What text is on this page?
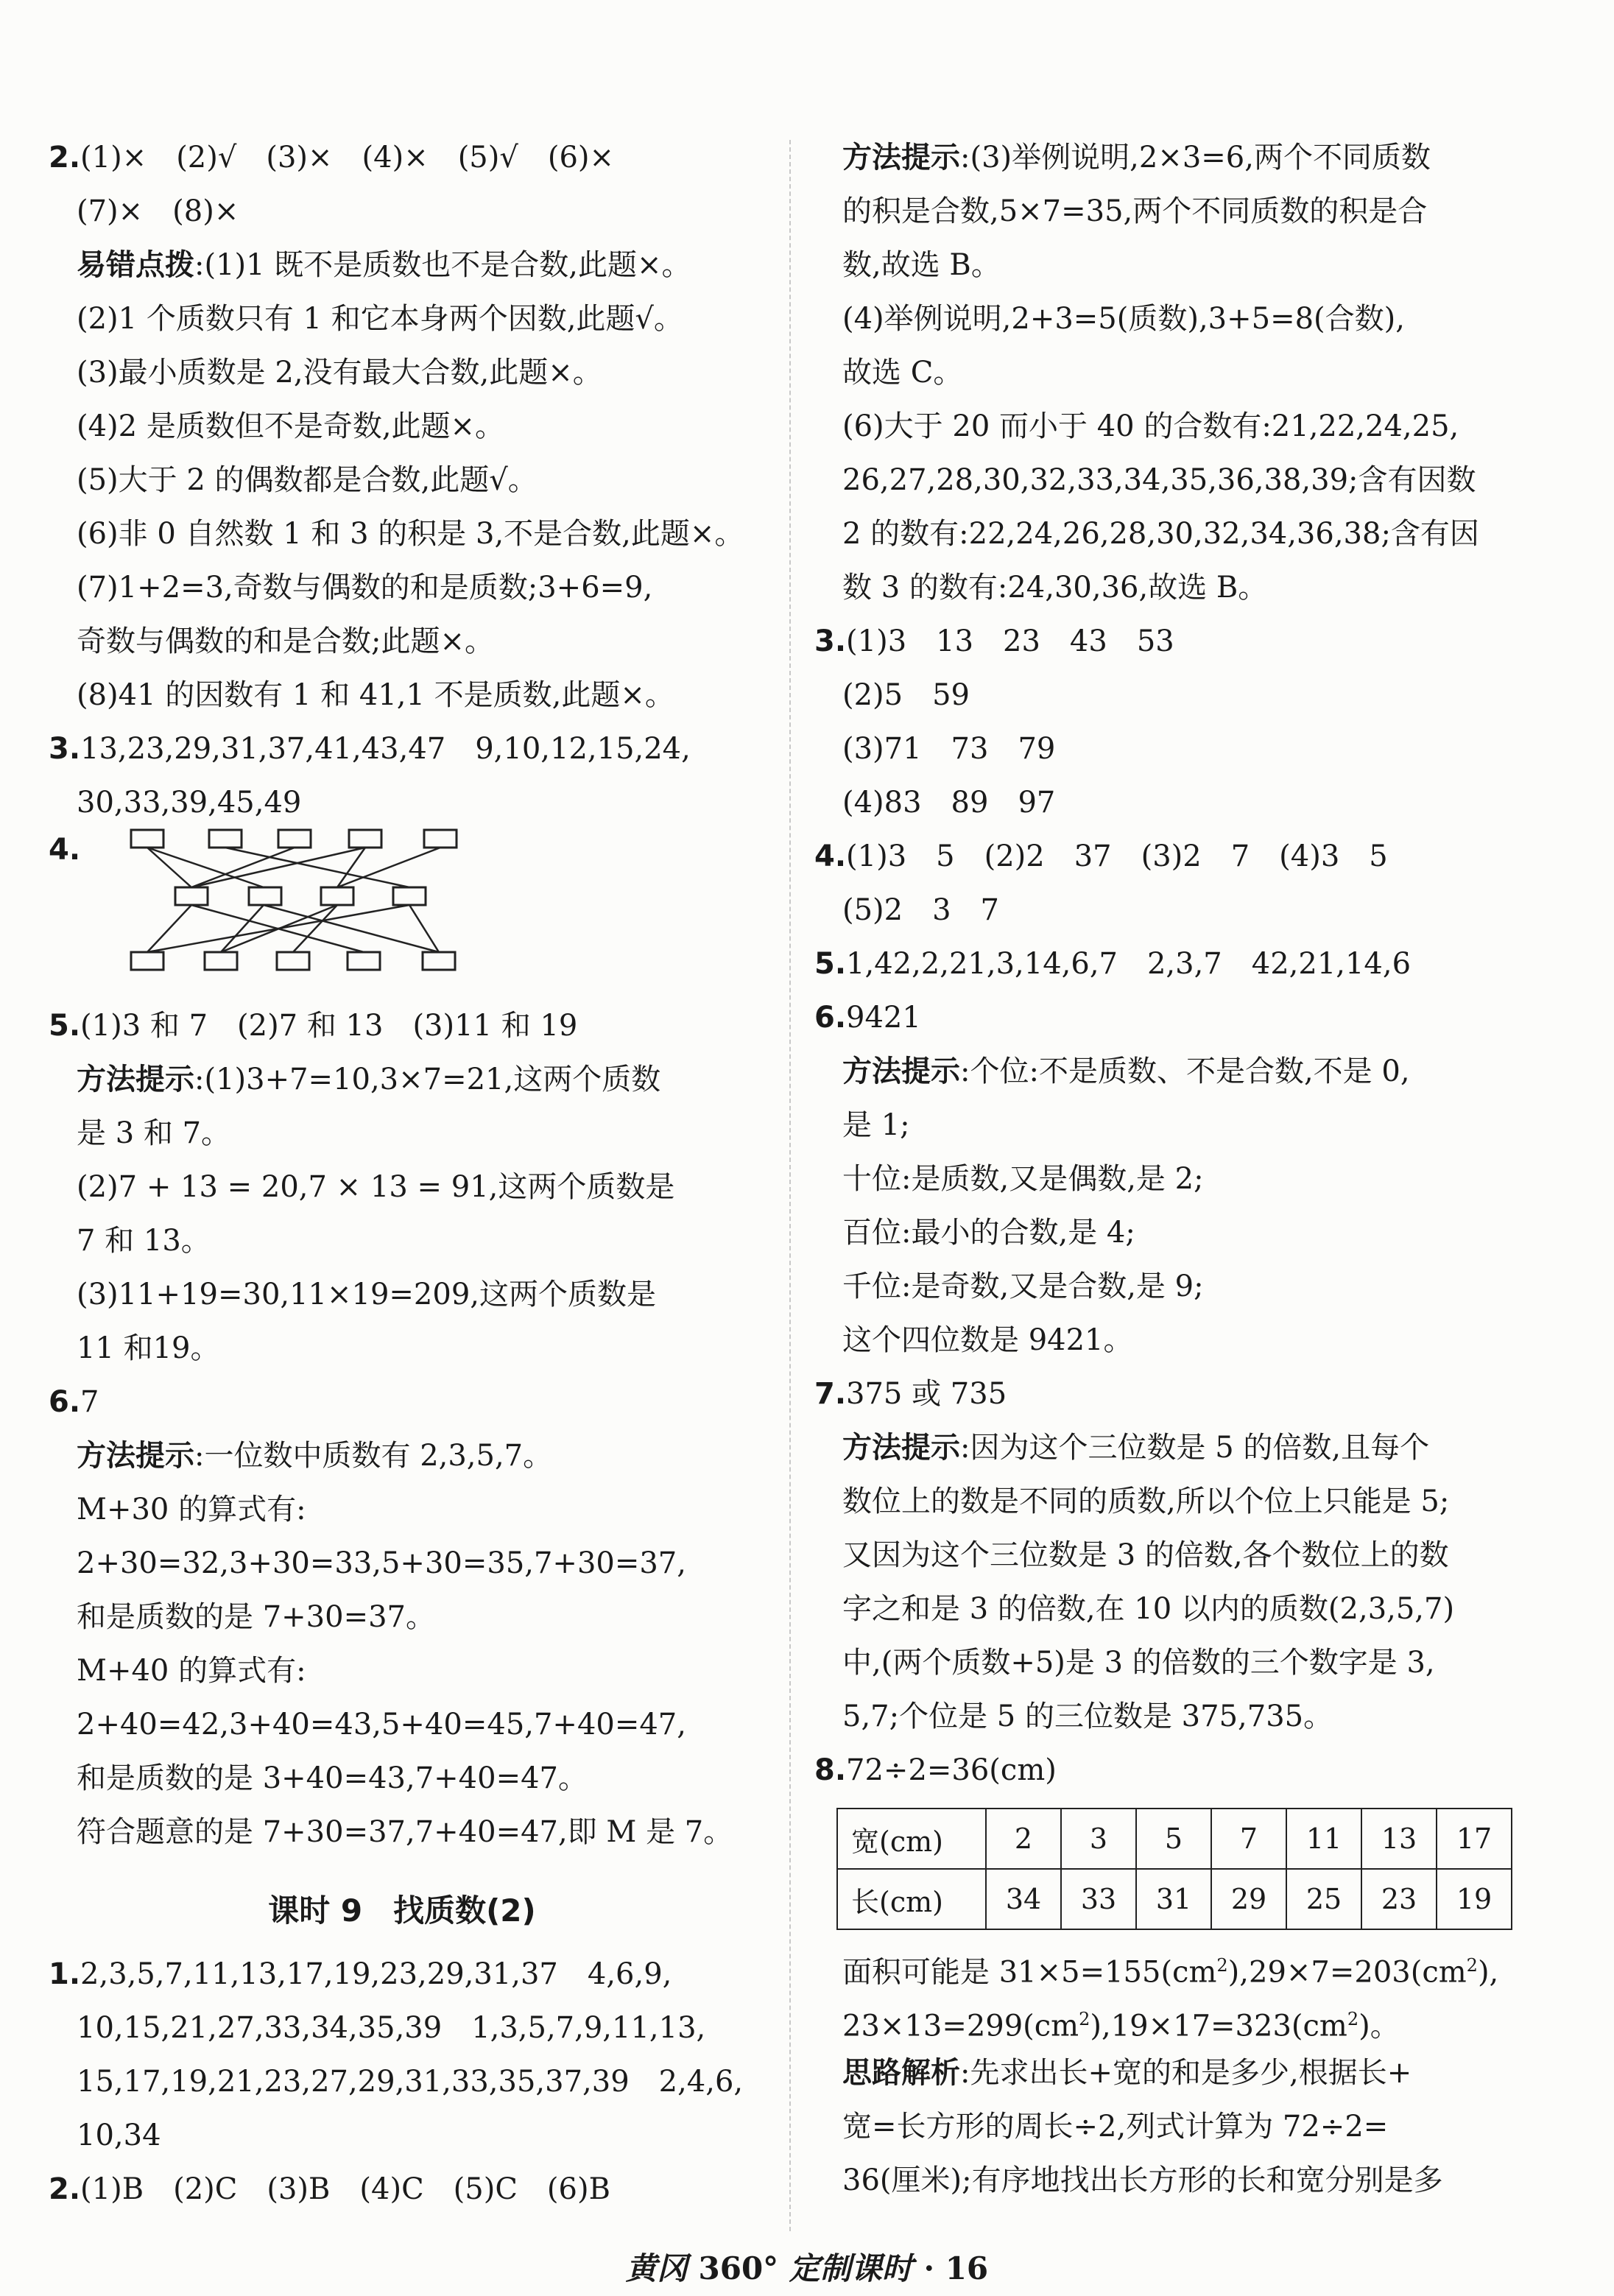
2.(1)×　(2)√　(3)×　(4)×　(5)√　(6)×
(7)×　(8)×
易错点拨:(1)1 既不是质数也不是合数,此题×。
(2)1 个质数只有 1 和它本身两个因数,此题√。
(3)最小质数是 2,没有最大合数,此题×。
(4)2 是质数但不是奇数,此题×。
(5)大于 2 的偶数都是合数,此题√。
(6)非 0 自然数 1 和 3 的积是 3,不是合数,此题×。
(7)1+2=3,奇数与偶数的和是质数;3+6=9,
奇数与偶数的和是合数;此题×。
(8)41 的因数有 1 和 41,1 不是质数,此题×。
3.13,23,29,31,37,41,43,47　9,10,12,15,24,
30,33,39,45,49
4.
5.(1)3 和 7　(2)7 和 13　(3)11 和 19
方法提示:(1)3+7=10,3×7=21,这两个质数
是 3 和 7。
(2)7 + 13 = 20,7 × 13 = 91,这两个质数是
7 和 13。
(3)11+19=30,11×19=209,这两个质数是
11 和19。
6.7
方法提示:一位数中质数有 2,3,5,7。
M+30 的算式有:
2+30=32,3+30=33,5+30=35,7+30=37,
和是质数的是 7+30=37。
M+40 的算式有:
2+40=42,3+40=43,5+40=45,7+40=47,
和是质数的是 3+40=43,7+40=47。
符合题意的是 7+30=37,7+40=47,即 M 是 7。
课时 9　找质数(2)
1.2,3,5,7,11,13,17,19,23,29,31,37　4,6,9,
10,15,21,27,33,34,35,39　1,3,5,7,9,11,13,
15,17,19,21,23,27,29,31,33,35,37,39　2,4,6,
10,34
2.(1)B　(2)C　(3)B　(4)C　(5)C　(6)B
方法提示:(3)举例说明,2×3=6,两个不同质数
的积是合数,5×7=35,两个不同质数的积是合
数,故选 B。
(4)举例说明,2+3=5(质数),3+5=8(合数),
故选 C。
(6)大于 20 而小于 40 的合数有:21,22,24,25,
26,27,28,30,32,33,34,35,36,38,39;含有因数
2 的数有:22,24,26,28,30,32,34,36,38;含有因
数 3 的数有:24,30,36,故选 B。
3.(1)3　13　23　43　53
(2)5　59
(3)71　73　79
(4)83　89　97
4.(1)3　5　(2)2　37　(3)2　7　(4)3　5
(5)2　3　7
5.1,42,2,21,3,14,6,7　2,3,7　42,21,14,6
6.9421
方法提示:个位:不是质数、不是合数,不是 0,
是 1;
十位:是质数,又是偶数,是 2;
百位:最小的合数,是 4;
千位:是奇数,又是合数,是 9;
这个四位数是 9421。
7.375 或 735
方法提示:因为这个三位数是 5 的倍数,且每个
数位上的数是不同的质数,所以个位上只能是 5;
又因为这个三位数是 3 的倍数,各个数位上的数
字之和是 3 的倍数,在 10 以内的质数(2,3,5,7)
中,(两个质数+5)是 3 的倍数的三个数字是 3,
5,7;个位是 5 的三位数是 375,735。
8.72÷2=36(cm)
宽(cm)	2	3	5	7	11	13	17
长(cm)	34	33	31	29	25	23	19
面积可能是 $31\times 5=155(cm^2),29\times 7=203(cm^2)$,
$23\times 13=299(cm^2),19\times 17=323(cm^2)$。
思路解析:先求出长+宽的和是多少,根据长+
宽=长方形的周长÷2,列式计算为 72÷2=
36(厘米);有序地找出长方形的长和宽分别是多
黄冈 360° 定制课时 · 16
